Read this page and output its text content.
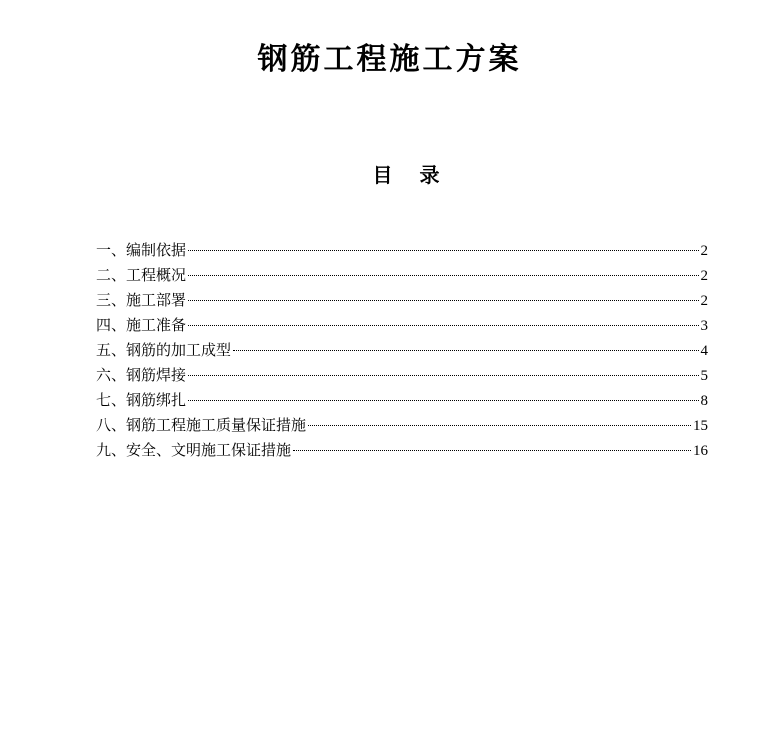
钢筋工程施工方案
目 录
一、编制依据	2
二、工程概况	2
三、施工部署	2
四、施工准备	3
五、钢筋的加工成型	4
六、钢筋焊接	5
七、钢筋绑扎	8
八、钢筋工程施工质量保证措施	15
九、安全、文明施工保证措施	16
